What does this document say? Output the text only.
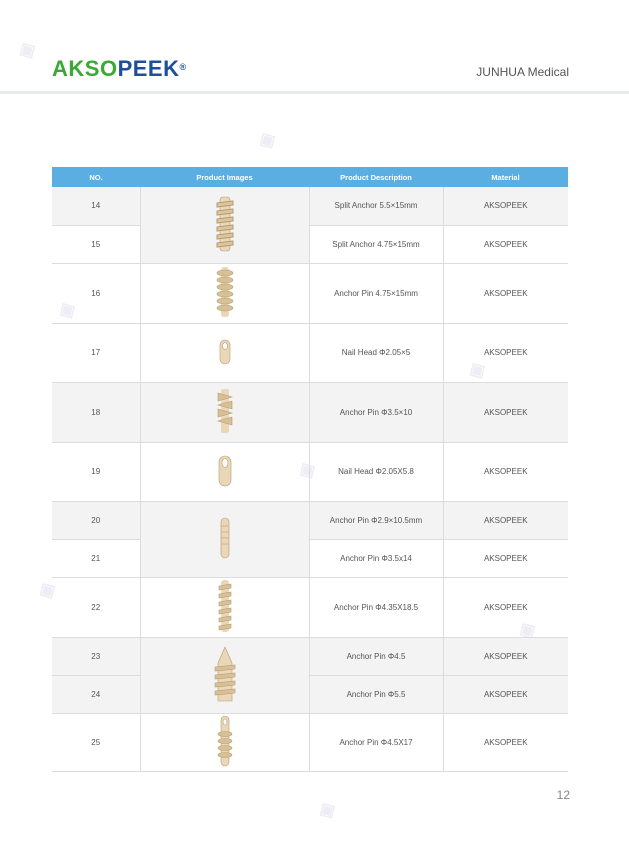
AKSOPEEK®	JUNHUA Medical
▣
▣
▣
▣
▣
▣
▣
▣
NO.	Product Images	Product Description	Material
14		Split Anchor 5.5×15mm	AKSOPEEK
15		Split Anchor 4.75×15mm	AKSOPEEK
16		Anchor Pin 4.75×15mm	AKSOPEEK
17		Nail Head Φ2.05×5	AKSOPEEK
18		Anchor Pin Φ3.5×10	AKSOPEEK
19		Nail Head Φ2.05X5.8	AKSOPEEK
20		Anchor Pin Φ2.9×10.5mm	AKSOPEEK
21		Anchor Pin Φ3.5x14	AKSOPEEK
22		Anchor Pin Φ4.35X18.5	AKSOPEEK
23		Anchor Pin Φ4.5	AKSOPEEK
24		Anchor Pin Φ5.5	AKSOPEEK
25		Anchor Pin Φ4.5X17	AKSOPEEK
12
